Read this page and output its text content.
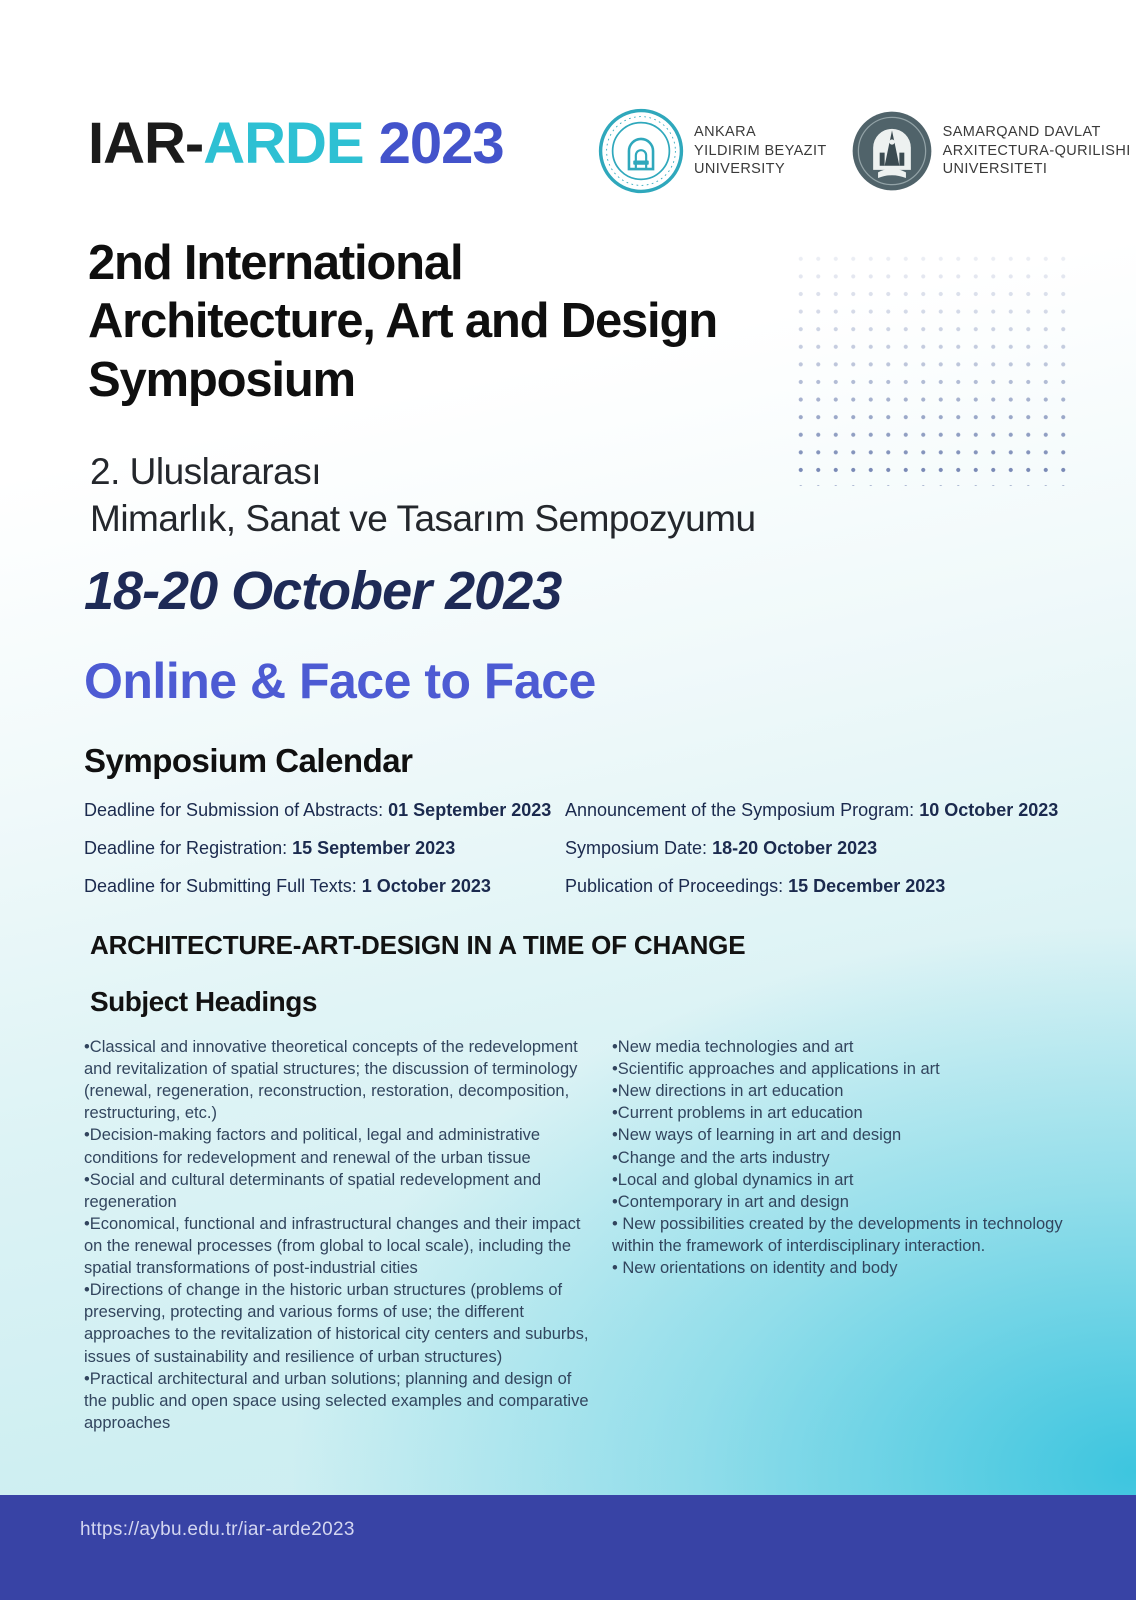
IAR-ARDE 2023	ANKARA
YILDIRIM BEYAZIT
UNIVERSITY
SAMARQAND DAVLAT
ARXITECTURA-QURILISHI
UNIVERSITETI
2nd International
Architecture, Art and Design
Symposium
2. Uluslararası
Mimarlık, Sanat ve Tasarım Sempozyumu
18-20 October 2023
Online & Face to Face
Symposium Calendar
Deadline for Submission of Abstracts: 01 September 2023
Deadline for Registration: 15 September 2023
Deadline for Submitting Full Texts: 1 October 2023
Announcement of the Symposium Program: 10 October 2023
Symposium Date: 18-20 October 2023
Publication of Proceedings: 15 December 2023
ARCHITECTURE-ART-DESIGN IN A TIME OF CHANGE
Subject Headings
•Classical and innovative theoretical concepts of the redevelopment and revitalization of spatial structures; the discussion of terminology (renewal, regeneration, reconstruction, restoration, decomposition, restructuring, etc.)
•Decision-making factors and political, legal and administrative conditions for redevelopment and renewal of the urban tissue
•Social and cultural determinants of spatial redevelopment and regeneration
•Economical, functional and infrastructural changes and their impact on the renewal processes (from global to local scale), including the spatial transformations of post-industrial cities
•Directions of change in the historic urban structures (problems of preserving, protecting and various forms of use; the different approaches to the revitalization of historical city centers and suburbs, issues of sustainability and resilience of urban structures)
•Practical architectural and urban solutions; planning and design of the public and open space using selected examples and comparative approaches
•New media technologies and art
•Scientific approaches and applications in art
•New directions in art education
•Current problems in art education
•New ways of learning in art and design
•Change and the arts industry
•Local and global dynamics in art
•Contemporary in art and design
• New possibilities created by the developments in technology within the framework of interdisciplinary interaction.
• New orientations on identity and body
https://aybu.edu.tr/iar-arde2023
